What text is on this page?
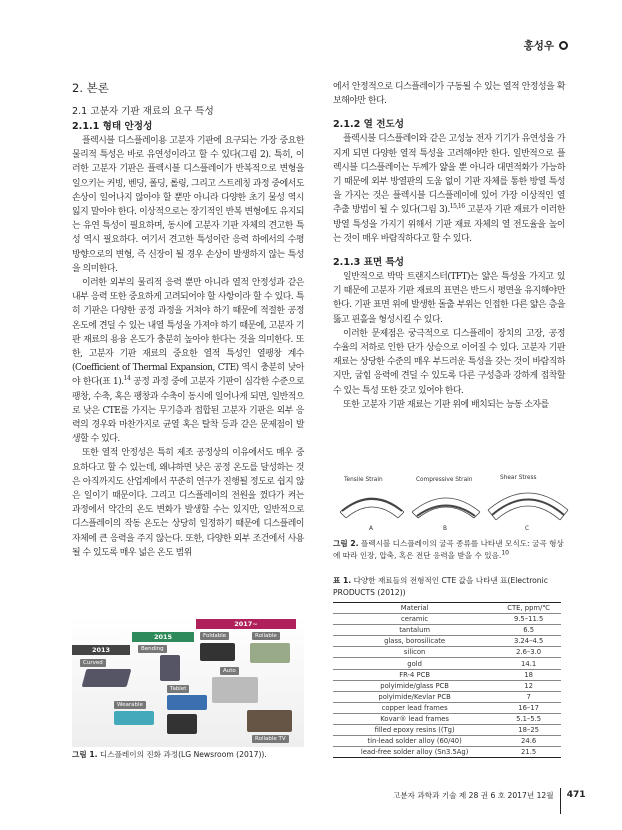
홍성우
2. 본론
2.1 고분자 기판 재료의 요구 특성
2.1.1 형태 안정성

플렉시블 디스플레이용 고분자 기판에 요구되는 가장 중요한 물리적 특성은 바로 유연성이라고 할 수 있다(그림 2). 특히, 이러한 고분자 기판은 플렉시블 디스플레이가 반복적으로 변형을 일으키는 커빙, 벤딩, 폴딩, 롤링, 그리고 스트레칭 과정 중에서도 손상이 일어나지 않아야 할 뿐만 아니라 다양한 초기 물성 역시 잃지 말아야 한다. 이상적으로는 장기적인 반복 변형에도 유지되는 유연 특성이 필요하며, 동시에 고분자 기판 자체의 견고한 특성 역시 필요하다. 여기서 견고한 특성이란 응력 하에서의 수평 방향으로의 변형, 즉 신장이 될 경우 손상이 발생하지 않는 특성을 의미한다.

이러한 외부의 물리적 응력 뿐만 아니라 열적 안정성과 같은 내부 응력 또한 중요하게 고려되어야 할 사항이라 할 수 있다. 특히 기판은 다양한 공정 과정을 거쳐야 하기 때문에 적절한 공정 온도에 견딜 수 있는 내열 특성을 가져야 하기 때문에, 고분자 기판 재료의 용융 온도가 충분히 높아야 한다는 것을 의미한다. 또한, 고분자 기판 재료의 중요한 열적 특성인 열팽창 계수(Coefficient of Thermal Expansion, CTE) 역시 충분히 낮아야 한다(표 1).$^{14}$ 공정 과정 중에 고분자 기판이 심각한 수준으로 팽창, 수축, 혹은 팽창과 수축이 동시에 일어나게 되면, 일반적으로 낮은 CTE를 가지는 무기층과 접합된 고분자 기판은 외부 응력의 경우와 마찬가지로 균열 혹은 탈착 등과 같은 문제점이 발생할 수 있다.

또한 열적 안정성은 특히 제조 공정상의 이유에서도 매우 중요하다고 할 수 있는데, 왜냐하면 낮은 공정 온도를 달성하는 것은 아직까지도 산업계에서 꾸준히 연구가 진행될 정도로 쉽지 않은 일이기 때문이다. 그리고 디스플레이의 전원을 껐다가 켜는 과정에서 약간의 온도 변화가 발생할 수는 있지만, 일반적으로 디스플레이의 작동 온도는 상당히 일정하기 때문에 디스플레이 자체에 큰 응력을 주지 않는다. 또한, 다양한 외부 조건에서 사용될 수 있도록 매우 넓은 온도 범위

에서 안정적으로 디스플레이가 구동될 수 있는 열적 안정성을 확보해야만 한다.

2.1.2 열 전도성

플렉시블 디스플레이와 같은 고성능 전자 기기가 유연성을 가지게 되면 다양한 열적 특성을 고려해야만 한다. 일반적으로 플렉시블 디스플레이는 두께가 얇을 뿐 아니라 대면적화가 가능하기 때문에 외부 방열판의 도움 없이 기판 자체를 통한 방열 특성을 가지는 것은 플렉시블 디스플레이에 있어 가장 이상적인 열 추출 방법이 될 수 있다(그림 3).$^{15,16}$ 고분자 기판 재료가 이러한 방열 특성을 가지기 위해서 기판 재료 자체의 열 전도율을 높이는 것이 매우 바람직하다고 할 수 있다.

2.1.3 표면 특성

일반적으로 박막 트랜지스터(TFT)는 얇은 특성을 가지고 있기 때문에 고분자 기판 재료의 표면은 반드시 평면을 유지해야만 한다. 기판 표면 위에 발생한 돌출 부위는 인접한 다른 얇은 층을 뚫고 핀홀을 형성시킬 수 있다.

이러한 문제점은 궁극적으로 디스플레이 장치의 고장, 공정 수율의 저하로 인한 단가 상승으로 이어질 수 있다. 고분자 기판 재료는 상당한 수준의 매우 부드러운 특성을 갖는 것이 바람직하지만, 굽힘 응력에 견딜 수 있도록 다른 구성층과 강하게 접착할 수 있는 특성 또한 갖고 있어야 한다.

또한 고분자 기판 재료는 기판 위에 배치되는 능동 소자를

2013
2015
2017~
Curved
Bending
Foldable	Rollable
Auto
Tablet
Wearable
Rollable TV
그림 1. 디스플레이의 진화 과정(LG Newsroom (2017)).
Tensile Strain	Compressive Strain	Shear Stress
A	B	C
그림 2. 플렉시블 디스플레이의 굴곡 종류를 나타낸 모식도: 굴곡 형상에 따라 인장, 압축, 혹은 전단 응력을 받을 수 있음.$^{10}$
표 1. 다양한 재료들의 전형적인 CTE 값을 나타낸 표(Electronic PRODUCTS (2012))
Material	CTE, ppm/℃
ceramic	9.5–11.5
tantalum	6.5
glass, borosilicate	3.24–4.5
silicon	2.6–3.0
gold	14.1
FR-4 PCB	18
polyimide/glass PCB	12
polyimide/Kevlar PCB	7
copper lead frames	16–17
Kovar® lead frames	5.1–5.5
filled epoxy resins ((Tg)	18–25
tin-lead solder alloy (60/40)	24.6
lead-free solder alloy (Sn3.5Ag)	21.5
고분자 과학과 기술 제 28 권 6 호 2017년 12월 471
